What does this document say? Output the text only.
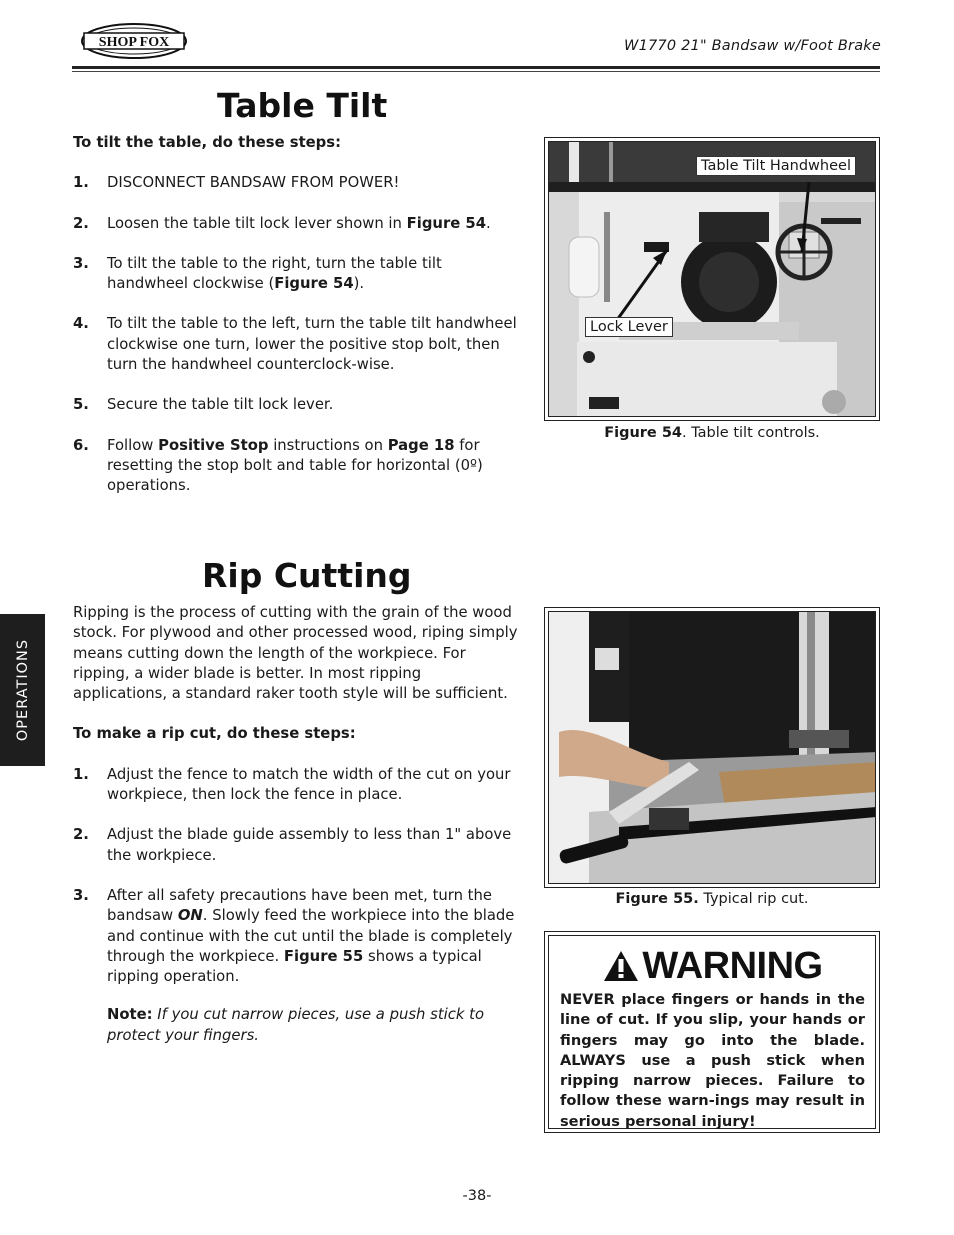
SHOP FOX	W1770 21" Bandsaw w/Foot Brake
Table Tilt
To tilt the table, do these steps:
1. DISCONNECT BANDSAW FROM POWER!
2. Loosen the table tilt lock lever shown in Figure 54.
3. To tilt the table to the right, turn the table tilt handwheel clockwise (Figure 54).
4. To tilt the table to the left, turn the table tilt handwheel clockwise one turn, lower the positive stop bolt, then turn the handwheel counterclock-wise.
5. Secure the table tilt lock lever.
6. Follow Positive Stop instructions on Page 18 for resetting the stop bolt and table for horizontal (0º) operations.
Table Tilt Handwheel
Lock Lever
Figure 54. Table tilt controls.
Rip Cutting
Ripping is the process of cutting with the grain of the wood stock. For plywood and other processed wood, riping simply means cutting down the length of the workpiece. For ripping, a wider blade is better. In most ripping applications, a standard raker tooth style will be sufficient.
To make a rip cut, do these steps:
1. Adjust the fence to match the width of the cut on your workpiece, then lock the fence in place.
2. Adjust the blade guide assembly to less than 1" above the workpiece.
3. After all safety precautions have been met, turn the bandsaw ON. Slowly feed the workpiece into the blade and continue with the cut until the blade is completely through the workpiece. Figure 55 shows a typical ripping operation.
Note: If you cut narrow pieces, use a push stick to protect your fingers.
Figure 55. Typical rip cut.
WARNING
NEVER place fingers or hands in the line of cut. If you slip, your hands or fingers may go into the blade. ALWAYS use a push stick when ripping narrow pieces. Failure to follow these warn-ings may result in serious personal injury!
OPERATIONS
-38-
